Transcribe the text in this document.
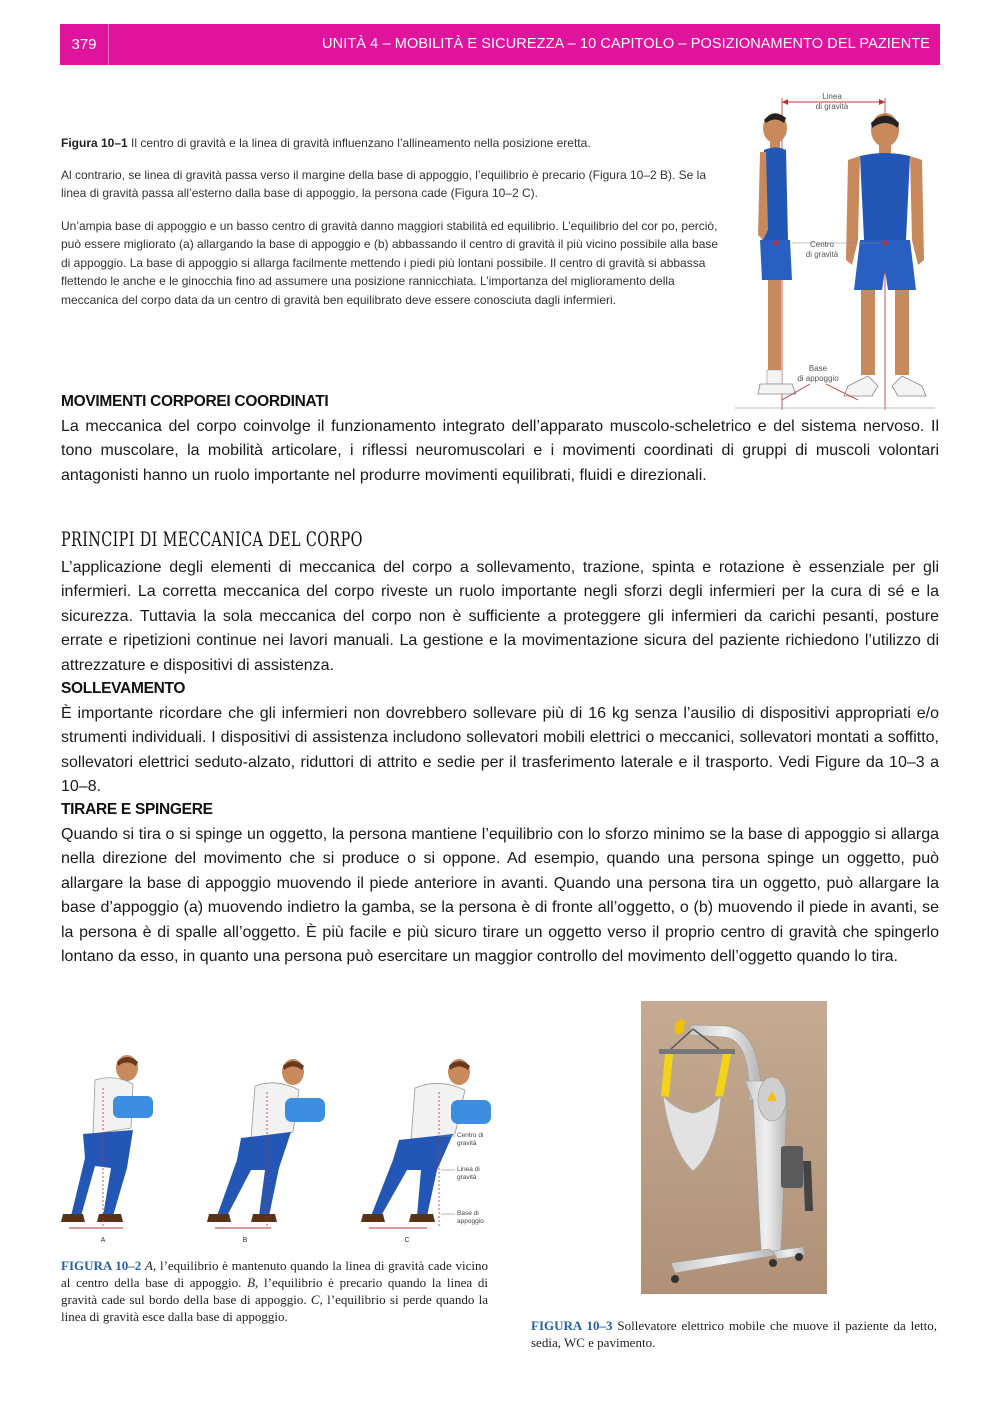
379	UNITÀ 4 – MOBILITÀ E SICUREZZA – 10 CAPITOLO – POSIZIONAMENTO DEL PAZIENTE
Figura 10–1 Il centro di gravità e la linea di gravità influenzano l’allineamento nella posizione eretta.
Al contrario, se linea di gravità passa verso il margine della base di appoggio, l’equilibrio è precario (Figura 10–2 B). Se la linea di gravità passa all’esterno dalla base di appoggio, la persona cade (Figura 10–2 C).
Un’ampia base di appoggio e un basso centro di gravità danno maggiori stabilità ed equilibrio. L’equilibrio del cor po, perciò, può essere migliorato (a) allargando la base di appoggio e (b) abbassando il centro di gravità il più vicino possibile alla base di appoggio. La base di appoggio si allarga facilmente mettendo i piedi più lontani possibile. Il centro di gravità si abbassa flettendo le anche e le ginocchia fino ad assumere una posizione rannicchiata. L’importanza del miglioramento della meccanica del corpo data da un centro di gravità ben equilibrato deve essere conosciuta dagli infermieri.
Linea
di gravità
Centro
di gravità
Base
di appoggio
MOVIMENTI CORPOREI COORDINATI
La meccanica del corpo coinvolge il funzionamento integrato dell’apparato muscolo-scheletrico e del sistema nervoso. Il tono muscolare, la mobilità articolare, i riflessi neuromuscolari e i movimenti coordinati di gruppi di muscoli volontari antagonisti hanno un ruolo importante nel produrre movimenti equilibrati, fluidi e direzionali.
PRINCIPI DI MECCANICA DEL CORPO
L’applicazione degli elementi di meccanica del corpo a sollevamento, trazione, spinta e rotazione è essenziale per gli infermieri. La corretta meccanica del corpo riveste un ruolo importante negli sforzi degli infermieri per la cura di sé e la sicurezza. Tuttavia la sola meccanica del corpo non è sufficiente a proteggere gli infermieri da carichi pesanti, posture errate e ripetizioni continue nei lavori manuali. La gestione e la movimentazione sicura del paziente richiedono l’utilizzo di attrezzature e dispositivi di assistenza.
SOLLEVAMENTO
È importante ricordare che gli infermieri non dovrebbero sollevare più di 16 kg senza l’ausilio di dispositivi appropriati e/o strumenti individuali. I dispositivi di assistenza includono sollevatori mobili elettrici o meccanici, sollevatori montati a soffitto, sollevatori elettrici seduto-alzato, riduttori di attrito e sedie per il trasferimento laterale e il trasporto. Vedi Figure da 10–3 a 10–8.
TIRARE E SPINGERE
Quando si tira o si spinge un oggetto, la persona mantiene l’equilibrio con lo sforzo minimo se la base di appoggio si allarga nella direzione del movimento che si produce o si oppone. Ad esempio, quando una persona spinge un oggetto, può allargare la base di appoggio muovendo il piede anteriore in avanti. Quando una persona tira un oggetto, può allargare la base d’appoggio (a) muovendo indietro la gamba, se la persona è di fronte all’oggetto, o (b) muovendo il piede in avanti, se la persona è di spalle all’oggetto. È più facile e più sicuro tirare un oggetto verso il proprio centro di gravità che spingerlo lontano da esso, in quanto una persona può esercitare un maggior controllo del movimento dell’oggetto quando lo tira.
A	B	C
Centro di
gravità
Linea di
gravità
Base di
appoggio
FIGURA 10–2 A, l’equilibrio è mantenuto quando la linea di gravità cade vicino al centro della base di appoggio. B, l’equilibrio è precario quando la linea di gravità cade sul bordo della base di appoggio. C, l’equilibrio si perde quando la linea di gravità esce dalla base di appoggio.
FIGURA 10–3 Sollevatore elettrico mobile che muove il paziente da letto, sedia, WC e pavimento.
